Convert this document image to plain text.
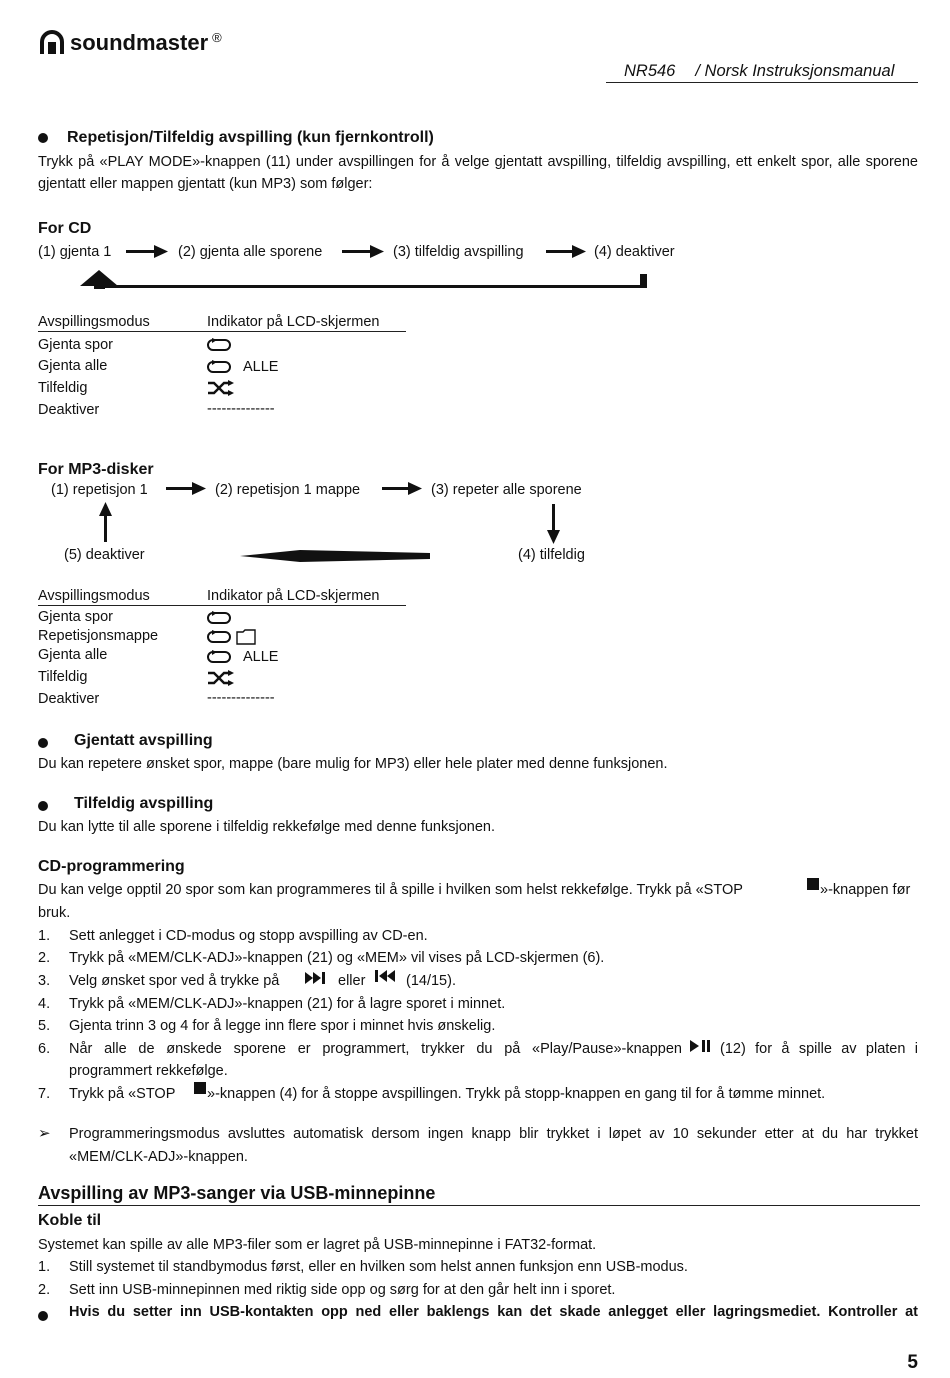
soundmaster ®
NR546 / Norsk Instruksjonsmanual
Repetisjon/Tilfeldig avspilling (kun fjernkontroll)
Trykk på «PLAY MODE»-knappen (11) under avspillingen for å velge gjentatt avspilling, tilfeldig avspilling, ett enkelt spor, alle sporene gjentatt eller mappen gjentatt (kun MP3) som følger:
For CD
(1) gjenta 1	(2) gjenta alle sporene	(3) tilfeldig avspilling	(4) deaktiver
Avspillingsmodus	Indikator på LCD-skjermen
Gjenta spor
Gjenta alle	ALLE
Tilfeldig
Deaktiver	--------------
For MP3-disker
(1) repetisjon 1	(2) repetisjon 1 mappe	(3) repeter alle sporene
(4) tilfeldig
(5) deaktiver
Avspillingsmodus	Indikator på LCD-skjermen
Gjenta spor
Repetisjonsmappe
Gjenta alle	ALLE
Tilfeldig
Deaktiver	--------------
Gjentatt avspilling
Du kan repetere ønsket spor, mappe (bare mulig for MP3) eller hele plater med denne funksjonen.
Tilfeldig avspilling
Du kan lytte til alle sporene i tilfeldig rekkefølge med denne funksjonen.
CD-programmering
Du kan velge opptil 20 spor som kan programmeres til å spille i hvilken som helst rekkefølge. Trykk på «STOP	»-knappen før
bruk.
1. Sett anlegget i CD-modus og stopp avspilling av CD-en.
2. Trykk på «MEM/CLK-ADJ»-knappen (21) og «MEM» vil vises på LCD-skjermen (6).
3. Velg ønsket spor ved å trykke på	eller	(14/15).
4. Trykk på «MEM/CLK-ADJ»-knappen (21) for å lagre sporet i minnet.
5. Gjenta trinn 3 og 4 for å legge inn flere spor i minnet hvis ønskelig.
6. Når alle de ønskede sporene er programmert, trykker du på «Play/Pause»-knappen	(12) for å spille av platen i
programmert rekkefølge.
7. Trykk på «STOP »-knappen (4) for å stoppe avspillingen. Trykk på stopp-knappen en gang til for å tømme minnet.
➢ Programmeringsmodus avsluttes automatisk dersom ingen knapp blir trykket i løpet av 10 sekunder etter at du har trykket «MEM/CLK-ADJ»-knappen.
Avspilling av MP3-sanger via USB-minnepinne
Koble til
Systemet kan spille av alle MP3-filer som er lagret på USB-minnepinne i FAT32-format.
1. Still systemet til standbymodus først, eller en hvilken som helst annen funksjon enn USB-modus.
2. Sett inn USB-minnepinnen med riktig side opp og sørg for at den går helt inn i sporet.
Hvis du setter inn USB-kontakten opp ned eller baklengs kan det skade anlegget eller lagringsmediet. Kontroller at
5
